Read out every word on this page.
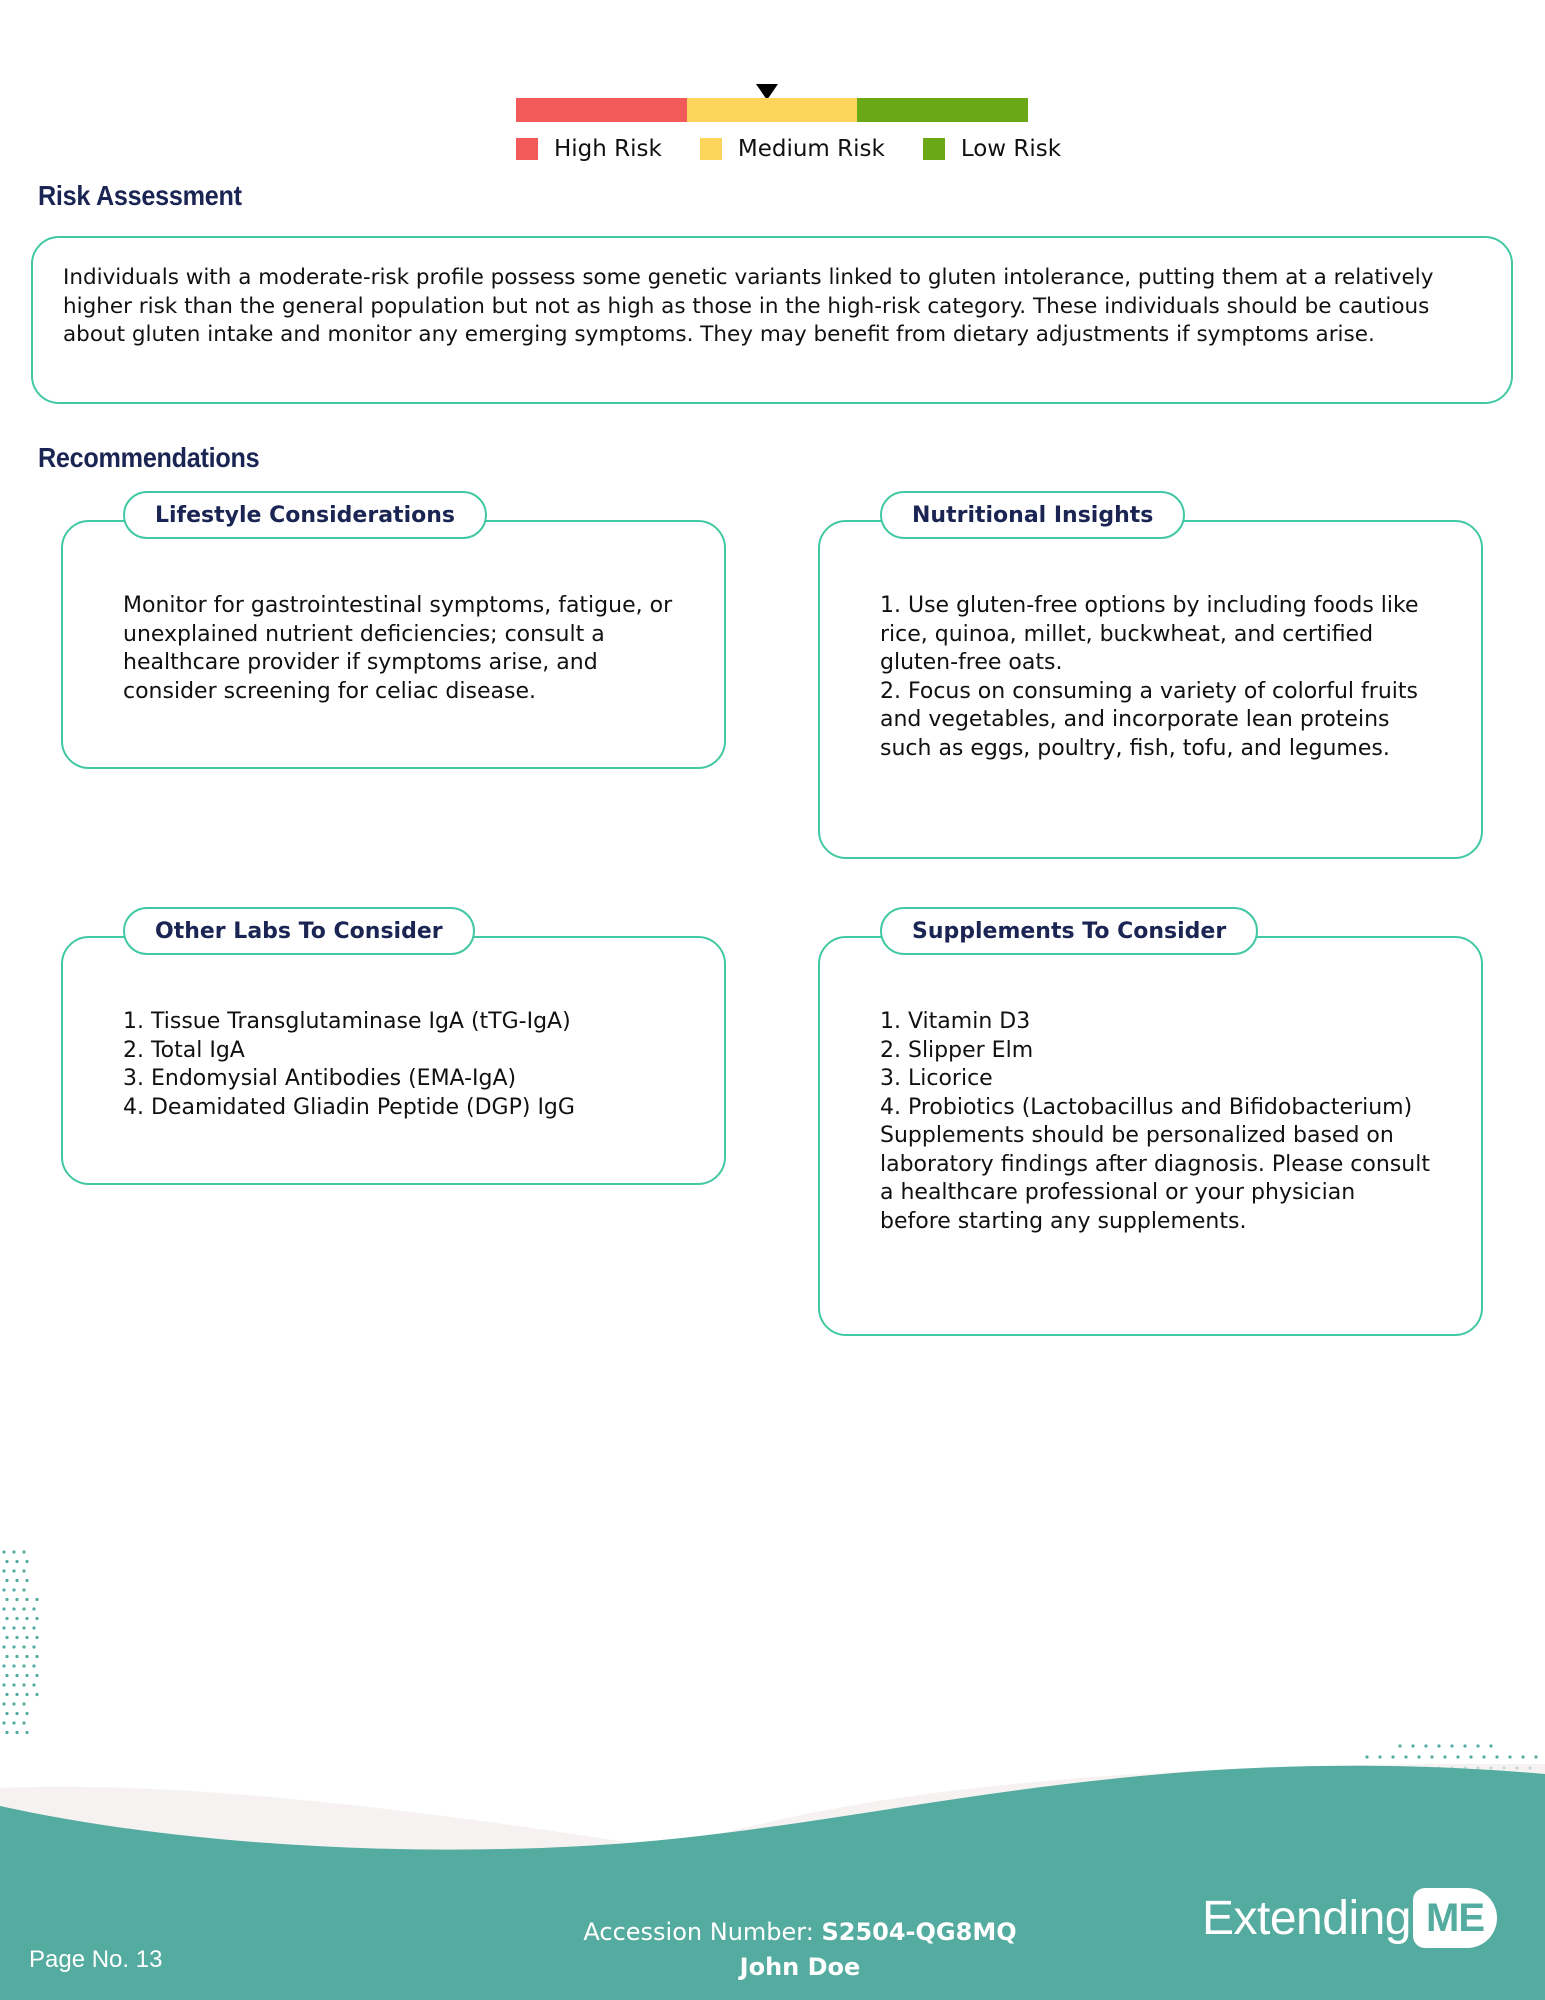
High Risk	Medium Risk	Low Risk
Risk Assessment
Individuals with a moderate-risk profile possess some genetic variants linked to gluten intolerance, putting them at a relatively higher risk than the general population but not as high as those in the high-risk category. These individuals should be cautious about gluten intake and monitor any emerging symptoms. They may benefit from dietary adjustments if symptoms arise.
Recommendations
Lifestyle Considerations
Monitor for gastrointestinal symptoms, fatigue, or unexplained nutrient deficiencies; consult a healthcare provider if symptoms arise, and consider screening for celiac disease.
Nutritional Insights
1. Use gluten-free options by including foods like rice, quinoa, millet, buckwheat, and certified gluten-free oats.
2. Focus on consuming a variety of colorful fruits and vegetables, and incorporate lean proteins such as eggs, poultry, fish, tofu, and legumes.
Other Labs To Consider
1. Tissue Transglutaminase IgA (tTG-IgA)
2. Total IgA
3. Endomysial Antibodies (EMA-IgA)
4. Deamidated Gliadin Peptide (DGP) IgG
Supplements To Consider
1. Vitamin D3
2. Slipper Elm
3. Licorice
4. Probiotics (Lactobacillus and Bifidobacterium)
Supplements should be personalized based on laboratory findings after diagnosis. Please consult a healthcare professional or your physician before starting any supplements.
Page No. 13
Accession Number: S2504-QG8MQ
John Doe
Extending ME
